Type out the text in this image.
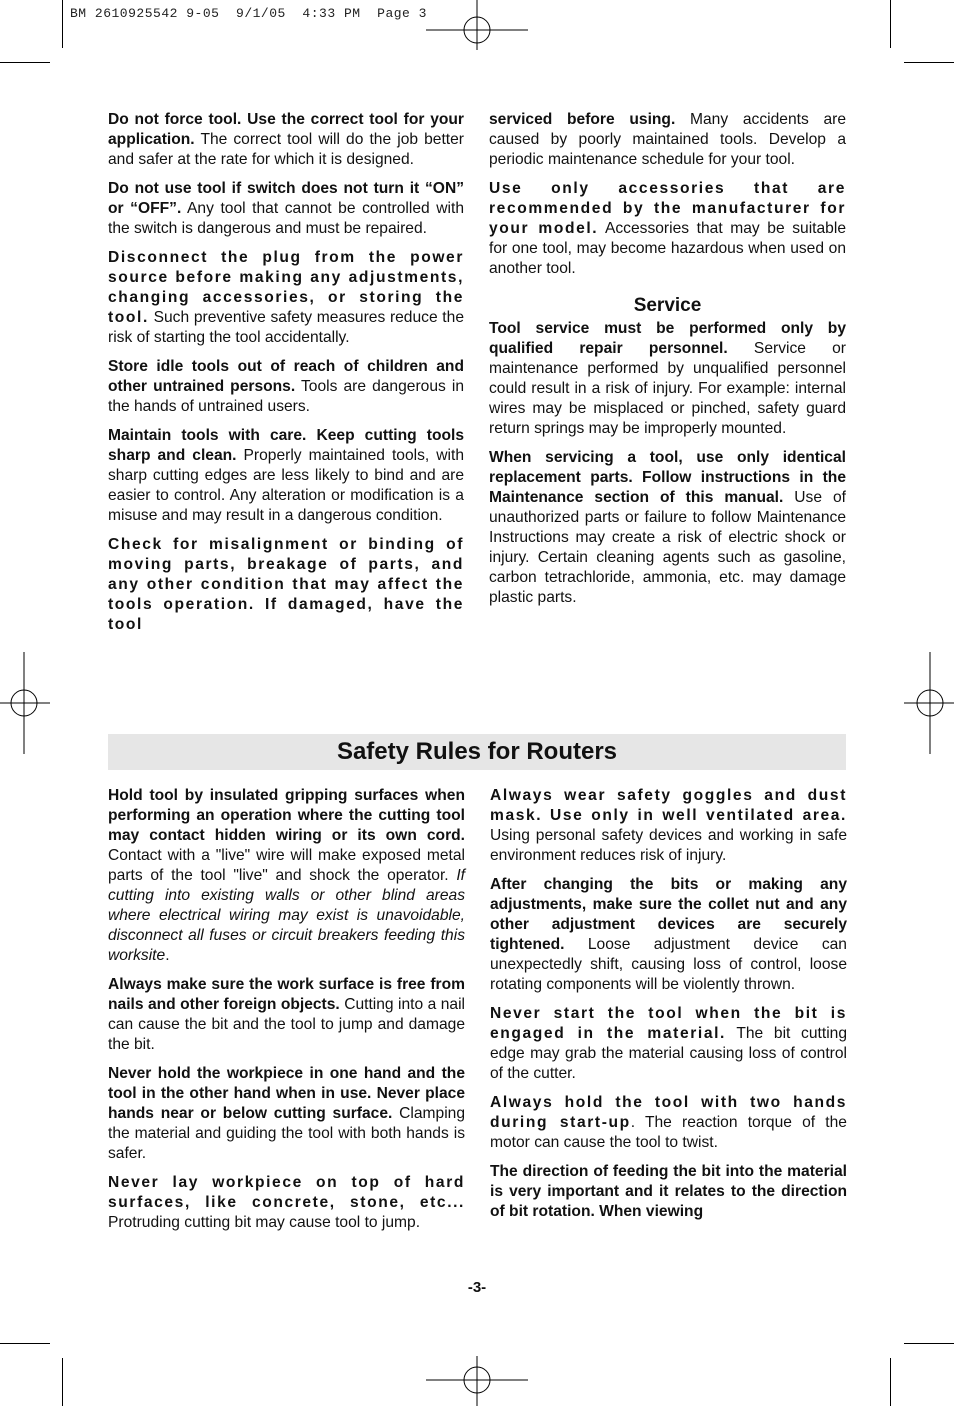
BM 2610925542 9-05  9/1/05  4:33 PM  Page 3

Do not force tool. Use the correct tool for your application. The correct tool will do the job better and safer at the rate for which it is designed.

Do not use tool if switch does not turn it “ON” or “OFF”. Any tool that cannot be controlled with the switch is dangerous and must be repaired.

Disconnect the plug from the power source before making any adjustments, changing accessories, or storing the tool. Such preventive safety measures reduce the risk of starting the tool accidentally.

Store idle tools out of reach of children and other untrained persons. Tools are dangerous in the hands of untrained users.

Maintain tools with care. Keep cutting tools sharp and clean. Properly maintained tools, with sharp cutting edges are less likely to bind and are easier to control. Any alteration or modification is a misuse and may result in a dangerous condition.

Check for misalignment or binding of moving parts, breakage of parts, and any other condition that may affect the tools operation. If damaged, have the tool

serviced before using. Many accidents are caused by poorly maintained tools. Develop a periodic maintenance schedule for your tool.

Use only accessories that are recommended by the manufacturer for your model. Accessories that may be suitable for one tool, may become hazardous when used on another tool.

Service

Tool service must be performed only by qualified repair personnel. Service or maintenance performed by unqualified personnel could result in a risk of injury. For example: internal wires may be misplaced or pinched, safety guard return springs may be improperly mounted.

When servicing a tool, use only identical replacement parts. Follow instructions in the Maintenance section of this manual. Use of unauthorized parts or failure to follow Maintenance Instructions may create a risk of electric shock or injury. Certain cleaning agents such as gasoline, carbon tetrachloride, ammonia, etc. may damage plastic parts.

Safety Rules for Routers

Hold tool by insulated gripping surfaces when performing an operation where the cutting tool may contact hidden wiring or its own cord. Contact with a "live" wire will make exposed metal parts of the tool "live" and shock the operator. If cutting into existing walls or other blind areas where electrical wiring may exist is unavoidable, disconnect all fuses or circuit breakers feeding this worksite.

Always make sure the work surface is free from nails and other foreign objects. Cutting into a nail can cause the bit and the tool to jump and damage the bit.

Never hold the workpiece in one hand and the tool in the other hand when in use. Never place hands near or below cutting surface. Clamping the material and guiding the tool with both hands is safer.

Never lay workpiece on top of hard surfaces, like concrete, stone, etc... Protruding cutting bit may cause tool to jump.

Always wear safety goggles and dust mask. Use only in well ventilated area. Using personal safety devices and working in safe environment reduces risk of injury.

After changing the bits or making any adjustments, make sure the collet nut and any other adjustment devices are securely tightened. Loose adjustment device can unexpectedly shift, causing loss of control, loose rotating components will be violently thrown.

Never start the tool when the bit is engaged in the material. The bit cutting edge may grab the material causing loss of control of the cutter.

Always hold the tool with two hands during start-up. The reaction torque of the motor can cause the tool to twist.

The direction of feeding the bit into the material is very important and it relates to the direction of bit rotation. When viewing

-3-
